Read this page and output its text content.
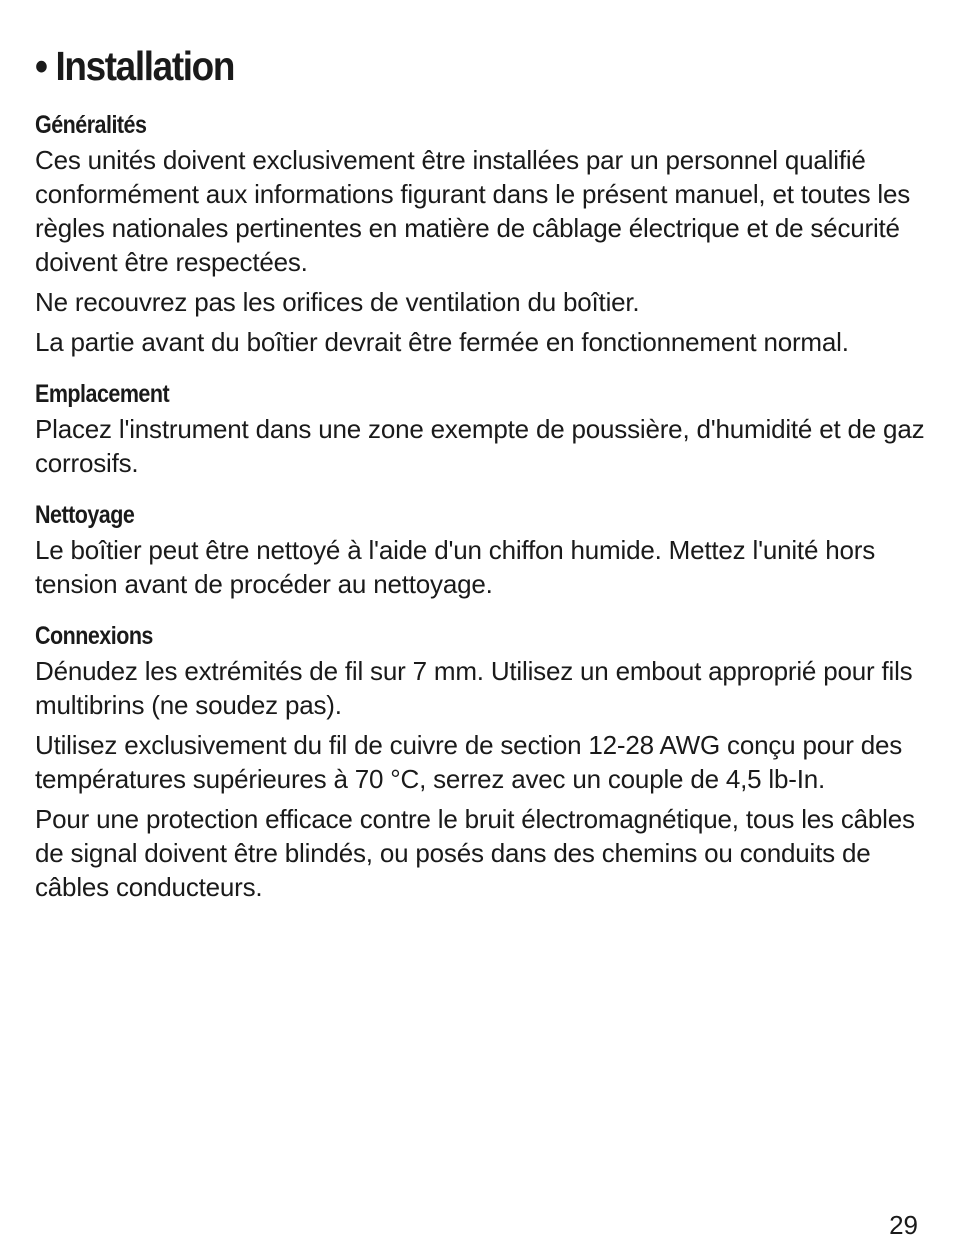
• Installation
Généralités

Ces unités doivent exclusivement être installées par un personnel qualifié conformément aux informations figurant dans le présent manuel, et toutes les règles nationales pertinentes en matière de câblage électrique et de sécurité doivent être respectées.

Ne recouvrez pas les orifices de ventilation du boîtier.

La partie avant du boîtier devrait être fermée en fonctionnement normal.

Emplacement

Placez l'instrument dans une zone exempte de poussière, d'humidité et de gaz corrosifs.

Nettoyage

Le boîtier peut être nettoyé à l'aide d'un chiffon humide. Mettez l'unité hors tension avant de procéder au nettoyage.

Connexions

Dénudez les extrémités de fil sur 7 mm. Utilisez un embout approprié pour fils multibrins (ne soudez pas).

Utilisez exclusivement du fil de cuivre de section 12-28 AWG conçu pour des températures supérieures à 70 °C, serrez avec un couple de 4,5 lb-In.

Pour une protection efficace contre le bruit électromagnétique, tous les câbles de signal doivent être blindés, ou posés dans des chemins ou conduits de câbles conducteurs.

29
